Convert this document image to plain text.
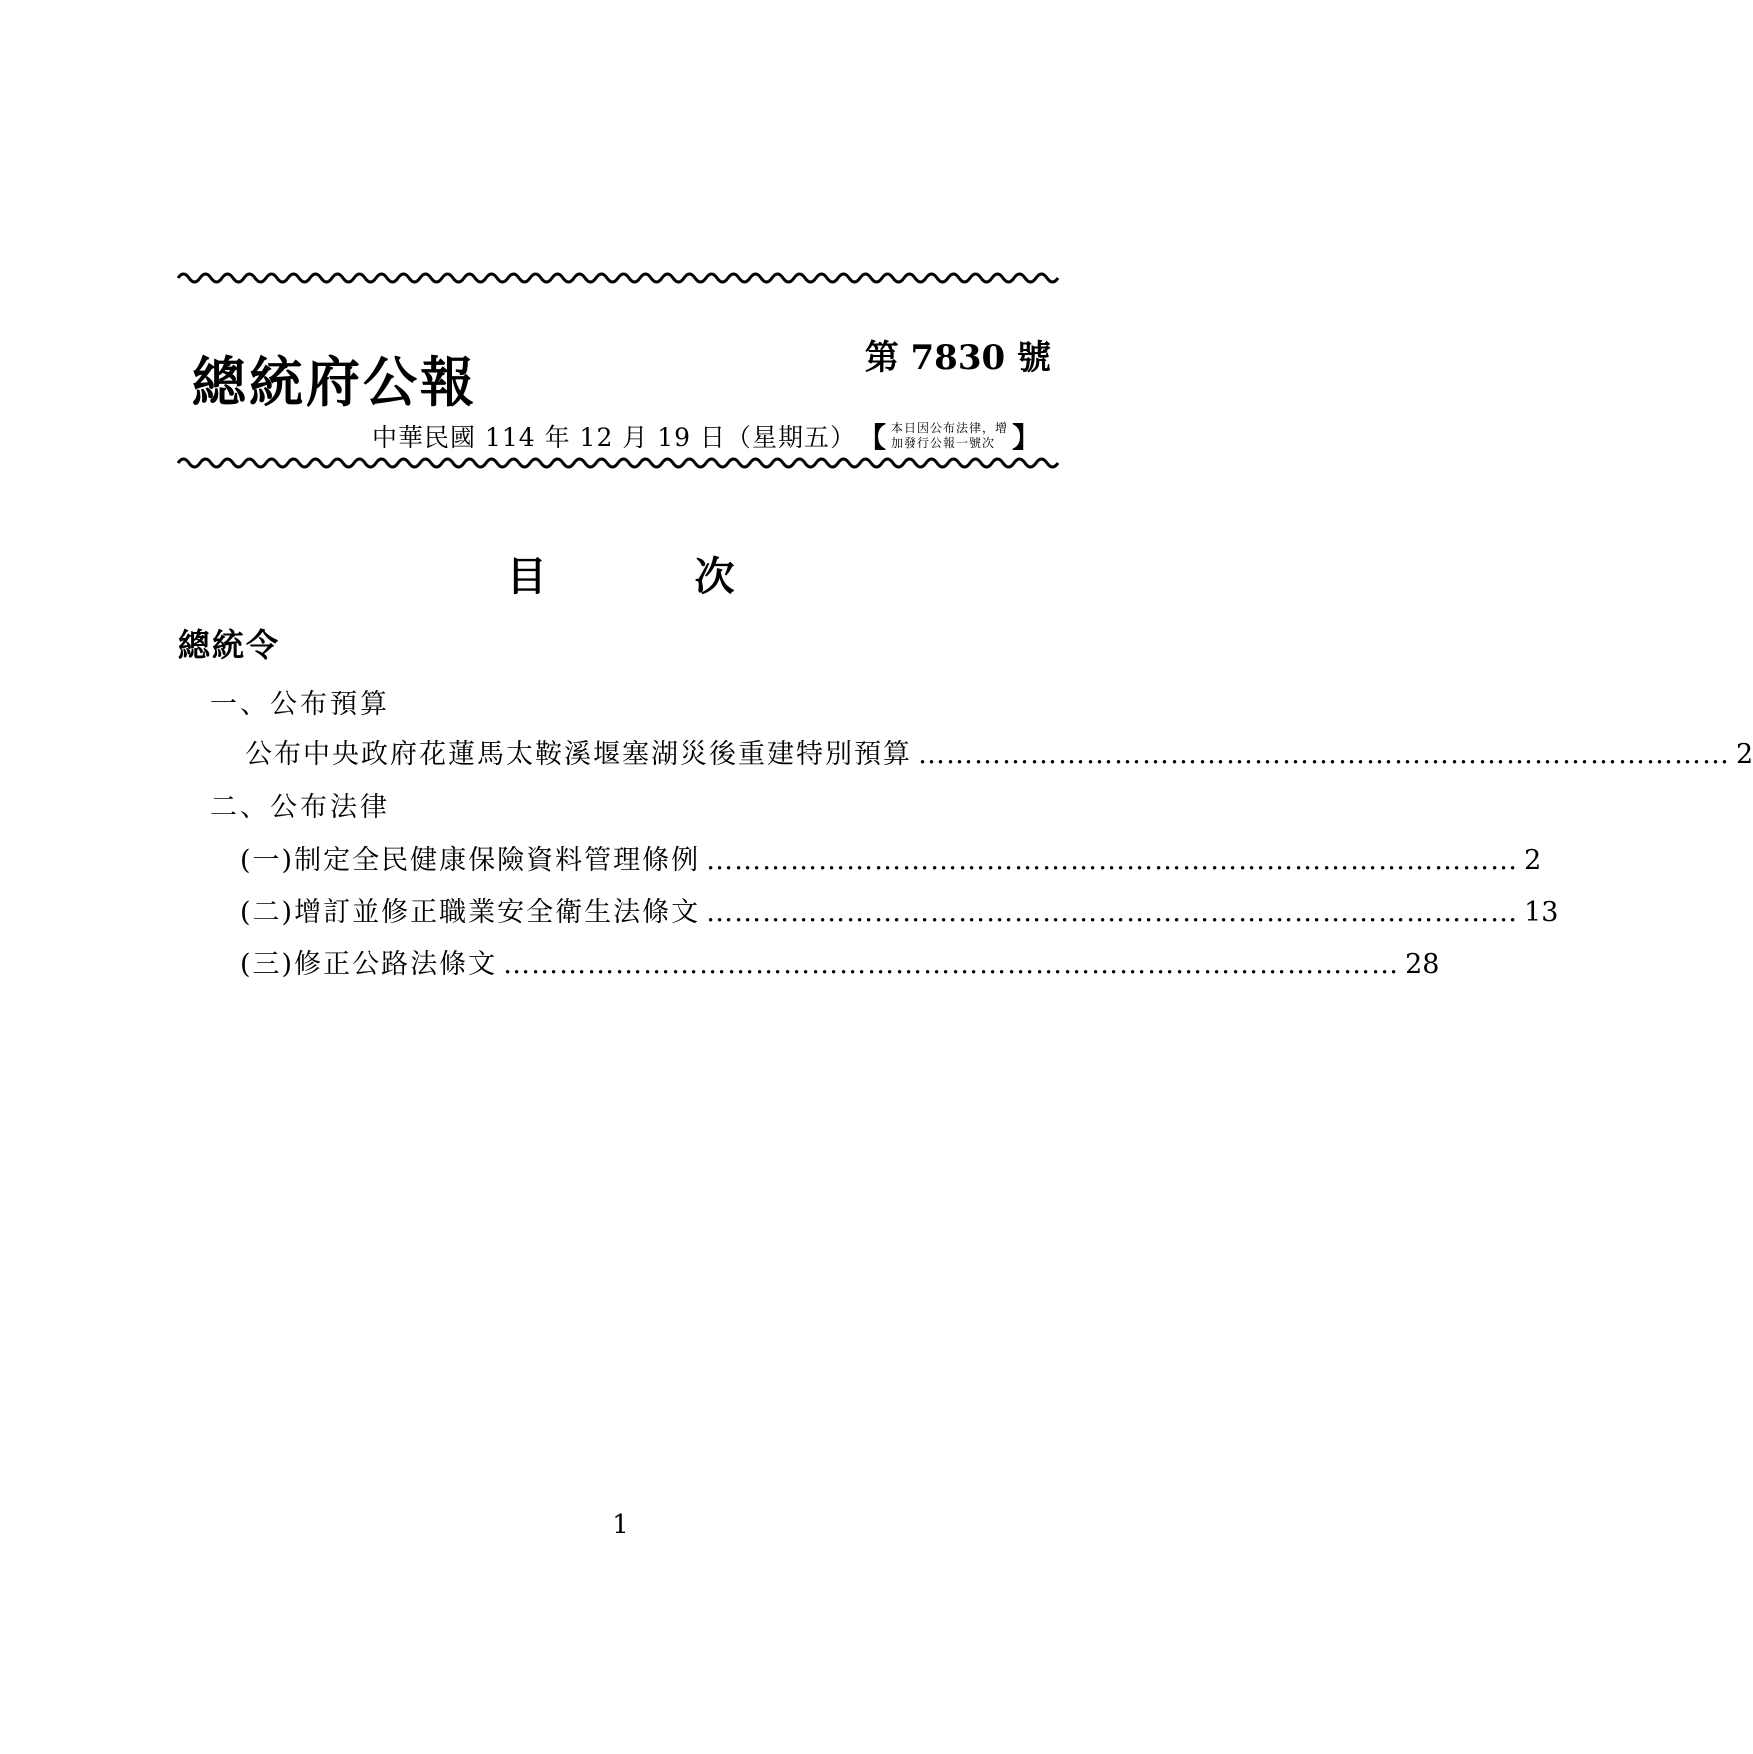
總統府公報	第 7830 號
中華民國 114 年 12 月 19 日（星期五） 【 本日因公布法律，增
加發行公報一號次 】
目	次
總統令
一、公布預算
公布中央政府花蓮馬太鞍溪堰塞湖災後重建特別預算 …………………………………………………………………………… 2
二、公布法律
(一)制定全民健康保險資料管理條例 …………………………………………………………………………… 2
(二)增訂並修正職業安全衛生法條文 …………………………………………………………………………… 13
(三)修正公路法條文 …………………………………………………………………………………… 28
1
